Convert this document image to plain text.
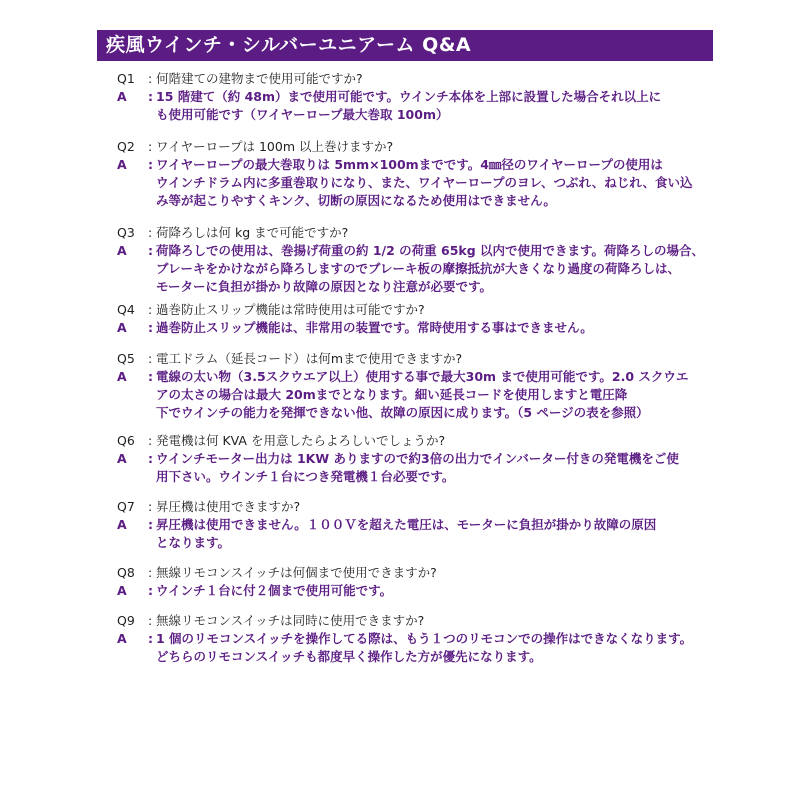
疾風ウインチ・シルバーユニアーム Q&A
Q1	: 何階建ての建物まで使用可能ですか?
A	: 15 階建て（約 48m）まで使用可能です。ウインチ本体を上部に設置した場合それ以上に
も使用可能です（ワイヤーロープ最大巻取 100m）
Q2	: ワイヤーロープは 100m 以上巻けますか?
A	: ワイヤーロープの最大巻取りは 5mm×100mまでです。4㎜径のワイヤーロープの使用は
ウインチドラム内に多重巻取りになり、また、ワイヤーロープのヨレ、つぶれ、ねじれ、食い込
み等が起こりやすくキンク、切断の原因になるため使用はできません。
Q3	: 荷降ろしは何 kg まで可能ですか?
A	: 荷降ろしでの使用は、巻揚げ荷重の約 1/2 の荷重 65kg 以内で使用できます。荷降ろしの場合、
ブレーキをかけながら降ろしますのでブレーキ板の摩擦抵抗が大きくなり過度の荷降ろしは、
モーターに負担が掛かり故障の原因となり注意が必要です。
Q4	: 過巻防止スリップ機能は常時使用は可能ですか?
A	: 過巻防止スリップ機能は、非常用の装置です。常時使用する事はできません。
Q5	: 電工ドラム（延長コード）は何mまで使用できますか?
A	: 電線の太い物（3.5スクウエア以上）使用する事で最大30m まで使用可能です。2.0 スクウエ
アの太さの場合は最大 20mまでとなります。細い延長コードを使用しますと電圧降
下でウインチの能力を発揮できない他、故障の原因に成ります。（5 ページの表を参照）
Q6	: 発電機は何 KVA を用意したらよろしいでしょうか?
A	: ウインチモーター出力は 1KW ありますので約3倍の出力でインバーター付きの発電機をご使
用下さい。ウインチ１台につき発電機１台必要です。
Q7	: 昇圧機は使用できますか?
A	: 昇圧機は使用できません。１００Ｖを超えた電圧は、モーターに負担が掛かり故障の原因
となります。
Q8	: 無線リモコンスイッチは何個まで使用できますか?
A	: ウインチ１台に付２個まで使用可能です。
Q9	: 無線リモコンスイッチは同時に使用できますか?
A	: 1 個のリモコンスイッチを操作してる際は、もう１つのリモコンでの操作はできなくなります。
どちらのリモコンスイッチも都度早く操作した方が優先になります。
